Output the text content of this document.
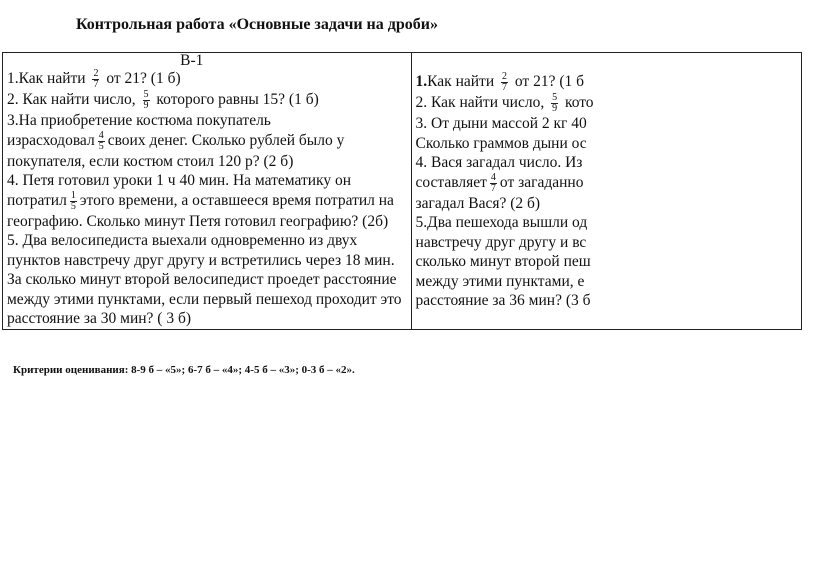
Контрольная работа «Основные задачи на дроби»
В-1
1.Как найти $\frac{2}{7}$ от 21? (1 б)
2. Как найти число, $\frac{5}{9}$ которого равны 15? (1 б)
3.На приобретение костюма покупатель
израсходовал $\frac{4}{5}$ своих денег. Сколько рублей было у
покупателя, если костюм стоил 120 р? (2 б)
4. Петя готовил уроки 1 ч 40 мин. На математику он
потратил $\frac{1}{5}$ этого времени, а оставшееся время потратил на
географию. Сколько минут Петя готовил географию? (2б)
5. Два велосипедиста выехали одновременно из двух
пунктов навстречу друг другу и встретились через 18 мин.
За сколько минут второй велосипедист проедет расстояние
между этими пунктами, если первый пешеход проходит это
расстояние за 30 мин? ( 3 б)

1.Как найти $\frac{2}{7}$ от 21? (1 б
2. Как найти число, $\frac{5}{9}$ кото
3. От дыни массой 2 кг 40
Сколько граммов дыни ос
4. Вася загадал число. Из
составляет $\frac{4}{7}$ от загаданно
загадал Вася? (2 б)
5.Два пешехода вышли од
навстречу друг другу и вс
сколько минут второй пеш
между этими пунктами, е
расстояние за 36 мин? (3 б
Критерии оценивания: 8-9 б – «5»; 6-7 б – «4»; 4-5 б – «3»; 0-3 б – «2».
